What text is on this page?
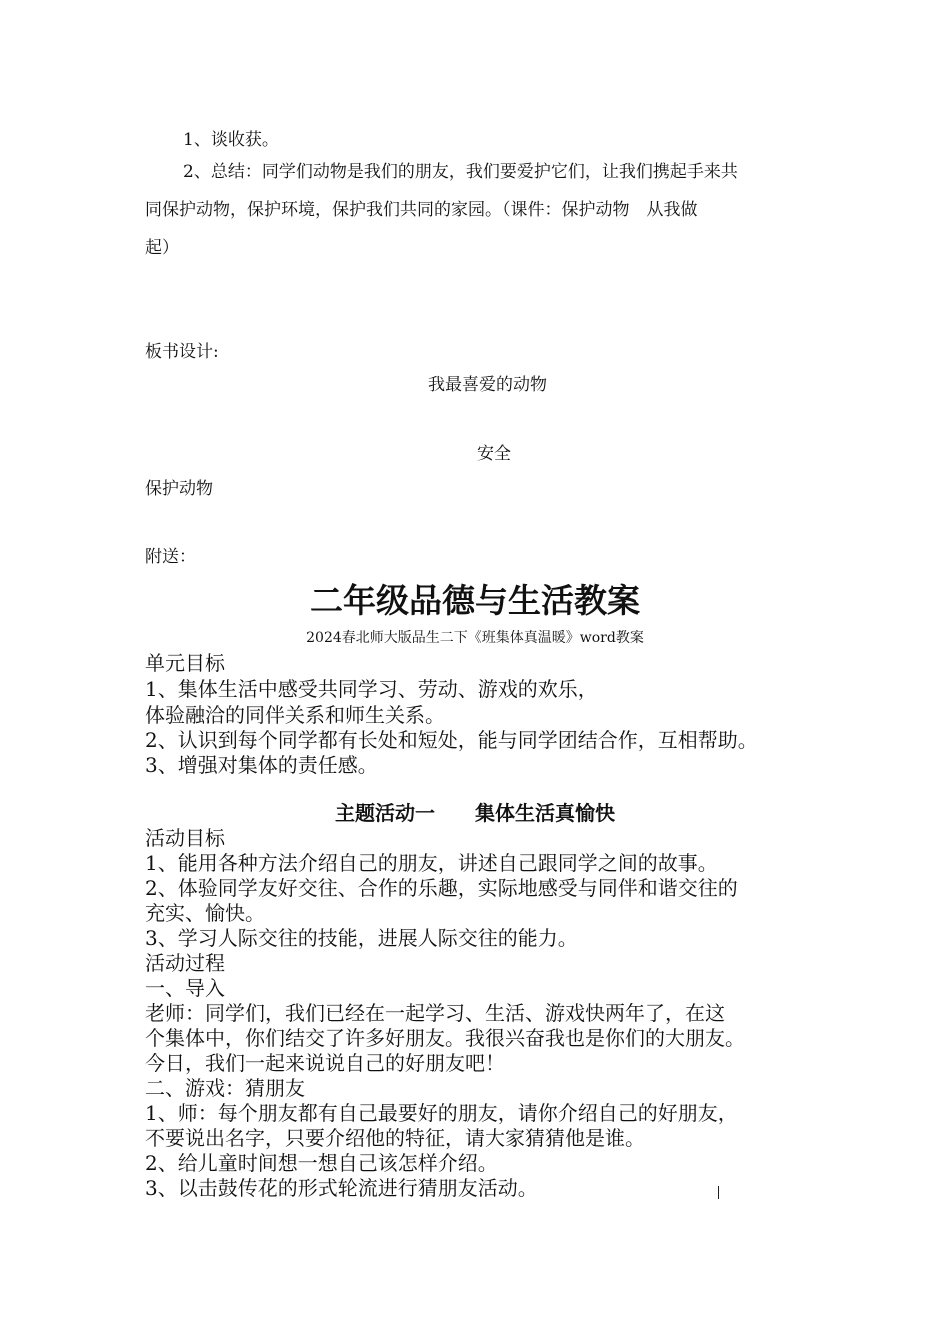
1、谈收获。

2、总结：同学们动物是我们的朋友，我们要爱护它们，让我们携起手来共

同保护动物，保护环境，保护我们共同的家园。（课件：保护动物　从我做

起）

板书设计:

我最喜爱的动物

安全

保护动物

附送：

二年级品德与生活教案

2024春北师大版品生二下《班集体真温暖》word教案

单元目标

1、集体生活中感受共同学习、劳动、游戏的欢乐，

体验融洽的同伴关系和师生关系。

2、认识到每个同学都有长处和短处，能与同学团结合作，互相帮助。

3、增强对集体的责任感。

主题活动一　　集体生活真愉快

活动目标

1、能用各种方法介绍自己的朋友，讲述自己跟同学之间的故事。

2、体验同学友好交往、合作的乐趣，实际地感受与同伴和谐交往的

充实、愉快。

3、学习人际交往的技能，进展人际交往的能力。

活动过程

一、导入

老师：同学们，我们已经在一起学习、生活、游戏快两年了，在这

个集体中，你们结交了许多好朋友。我很兴奋我也是你们的大朋友。

今日，我们一起来说说自己的好朋友吧！

二、游戏：猜朋友

1、师：每个朋友都有自己最要好的朋友，请你介绍自己的好朋友，

不要说出名字，只要介绍他的特征，请大家猜猜他是谁。

2、给儿童时间想一想自己该怎样介绍。

3、以击鼓传花的形式轮流进行猜朋友活动。
